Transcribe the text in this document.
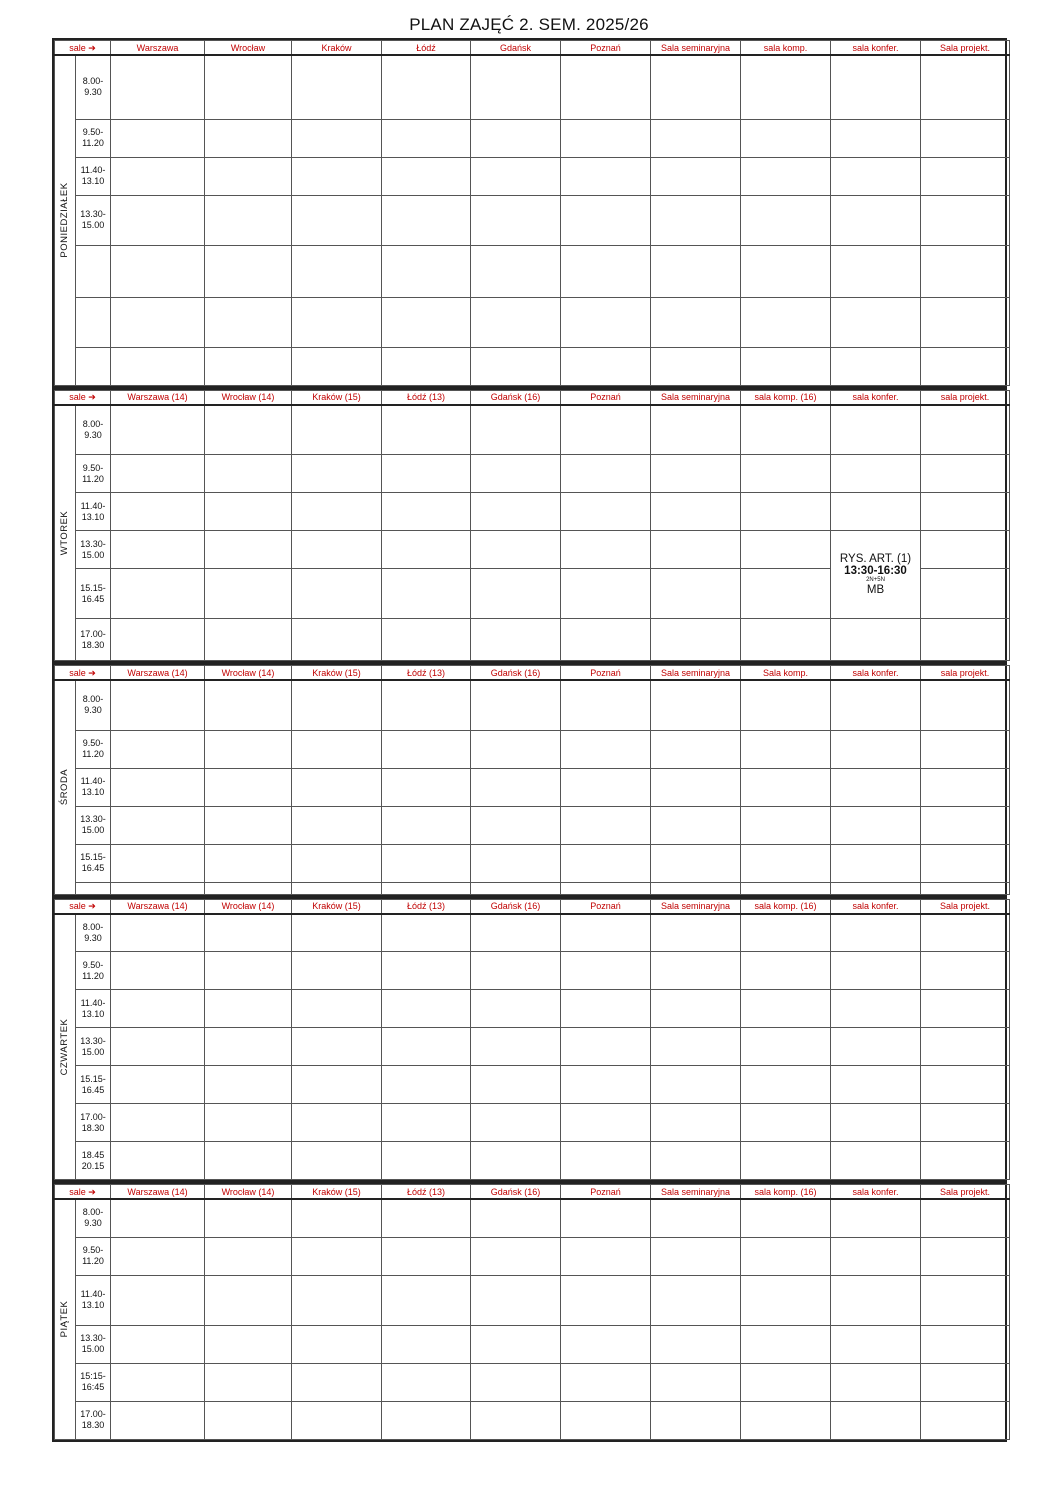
PLAN ZAJĘĆ 2. SEM. 2025/26
sale ➔		Warszawa	Wrocław	Kraków	Łódź	Gdańsk	Poznań	Sala seminaryjna	sala komp.	sala konfer.	Sala projekt.

PONIEDZIAŁEK	8.00-
9.30										

	9.50-
11.20										

	11.40-
13.10										

	13.30-
15.00										

sale ➔		Warszawa (14)	Wrocław (14)	Kraków (15)	Łódź (13)	Gdańsk (16)	Poznań	Sala seminaryjna	sala komp. (16)	sala konfer.	sala projekt.

WTOREK	8.00-
9.30										

	9.50-
11.20										

	11.40-
13.10										

	13.30-
15.00									RYS. ART. (1)
13:30-16:30
2N+5N
MB	

	15.15-
16.45										

	17.00-
18.30										

sale ➔		Warszawa (14)	Wrocław (14)	Kraków (15)	Łódź (13)	Gdańsk (16)	Poznań	Sala seminaryjna	Sala komp.	sala konfer.	sala projekt.

ŚRODA	8.00-
9.30										

	9.50-
11.20										

	11.40-
13.10										

	13.30-
15.00										

	15.15-
16.45										

sale ➔		Warszawa (14)	Wrocław (14)	Kraków (15)	Łódź (13)	Gdańsk (16)	Poznań	Sala seminaryjna	sala komp. (16)	sala konfer.	Sala projekt.

CZWARTEK	8.00-
9.30										

	9.50-
11.20										

	11.40-
13.10										

	13.30-
15.00										

	15.15-
16.45										

	17.00-
18.30										

	18.45
20.15										

sale ➔		Warszawa (14)	Wrocław (14)	Kraków (15)	Łódź (13)	Gdańsk (16)	Poznań	Sala seminaryjna	sala komp. (16)	sala konfer.	Sala projekt.

PIĄTEK	8.00-
9.30										

	9.50-
11.20										

	11.40-
13.10										

	13.30-
15.00										

	15:15-
16:45										

	17.00-
18.30										
